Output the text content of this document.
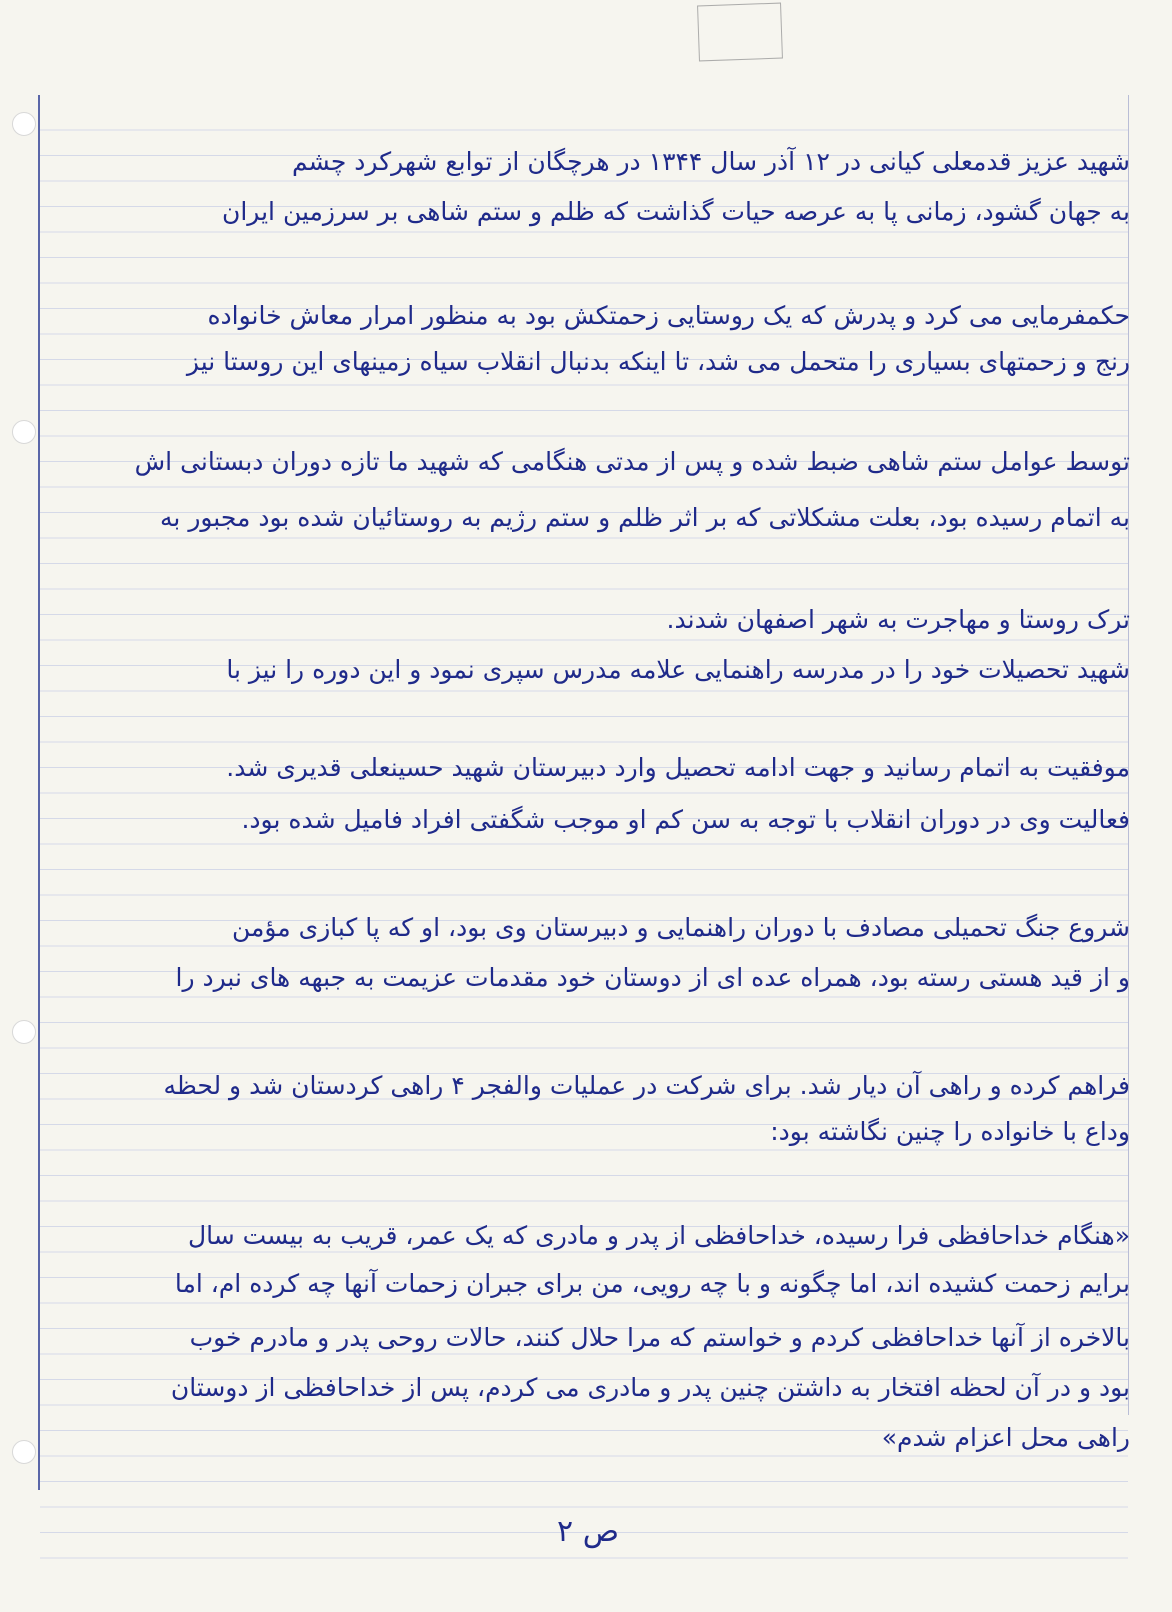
شهید عزیز قدمعلی کیانی در ۱۲ آذر سال ۱۳۴۴ در هرچگان از توابع شهرکرد چشم
به جهان گشود، زمانی پا به عرصه حیات گذاشت که ظلم و ستم شاهی بر سرزمین ایران
حکمفرمایی می کرد و پدرش که یک روستایی زحمتکش بود به منظور امرار معاش خانواده
رنج و زحمتهای بسیاری را متحمل می شد، تا اینکه بدنبال انقلاب سیاه زمینهای این روستا نیز
توسط عوامل ستم شاهی ضبط شده و پس از مدتی هنگامی که شهید ما تازه دوران دبستانی اش
به اتمام رسیده بود، بعلت مشکلاتی که بر اثر ظلم و ستم رژیم به روستائیان شده بود مجبور به
ترک روستا و مهاجرت به شهر اصفهان شدند.
شهید تحصیلات خود را در مدرسه راهنمایی علامه مدرس سپری نمود و این دوره را نیز با
موفقیت به اتمام رسانید و جهت ادامه تحصیل وارد دبیرستان شهید حسینعلی قدیری شد.
فعالیت وی در دوران انقلاب با توجه به سن کم او موجب شگفتی افراد فامیل شده بود.
شروع جنگ تحمیلی مصادف با دوران راهنمایی و دبیرستان وی بود، او که پا کبازی مؤمن
و از قید هستی رسته بود، همراه عده ای از دوستان خود مقدمات عزیمت به جبهه های نبرد را
فراهم کرده و راهی آن دیار شد. برای شرکت در عملیات والفجر ۴ راهی کردستان شد و لحظه
وداع با خانواده را چنین نگاشته بود:
«هنگام خداحافظی فرا رسیده، خداحافظی از پدر و مادری که یک عمر، قریب به بیست سال
برایم زحمت کشیده اند، اما چگونه و با چه رویی، من برای جبران زحمات آنها چه کرده ام، اما
بالاخره از آنها خداحافظی کردم و خواستم که مرا حلال کنند، حالات روحی پدر و مادرم خوب
بود و در آن لحظه افتخار به داشتن چنین پدر و مادری می کردم، پس از خداحافظی از دوستان
راهی محل اعزام شدم»
ص ۲
